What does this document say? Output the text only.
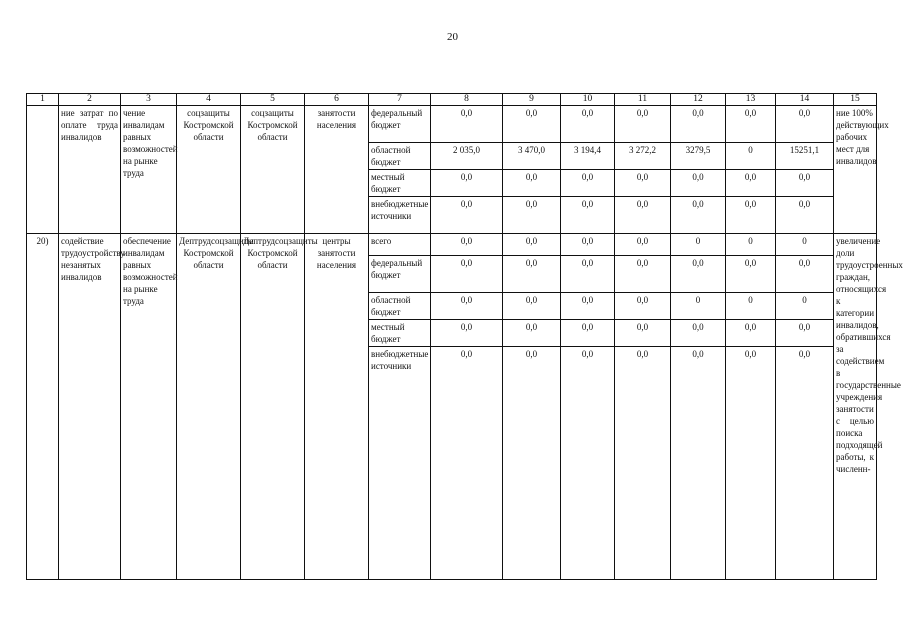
20
1	2	3	4	5	6	7	8	9	10	11	12	13	14	15
	ние затрат по оплате труда инвалидов	чение инвалидам равных возможностей на рынке труда	соцзащиты Костромской области	соцзащиты Костромской области	занятости населения	федеральный бюджет	0,0	0,0	0,0	0,0	0,0	0,0	0,0	ние 100% действующих рабочих мест для инвалидов
						областной бюджет	2 035,0	3 470,0	3 194,4	3 272,2	3279,5	0	15251,1	
						местный бюджет	0,0	0,0	0,0	0,0	0,0	0,0	0,0	
						внебюджетные источники	0,0	0,0	0,0	0,0	0,0	0,0	0,0	
20)	содействие трудоустройству незанятых инвалидов	обеспечение инвалидам равных возможностей на рынке труда	Дептрудсоцзащиты Костромской области	Дептрудсоцзащиты Костромской области	центры занятости населения	всего	0,0	0,0	0,0	0,0	0	0	0	увеличение доли трудоустроенных граждан, относящихся к категории инвалидов, обратившихся за содействием в государственные учреждения занятости с целью поиска подходящей работы, к численн-
						федеральный бюджет	0,0	0,0	0,0	0,0	0,0	0,0	0,0	
						областной бюджет	0,0	0,0	0,0	0,0	0	0	0	
						местный бюджет	0,0	0,0	0,0	0,0	0,0	0,0	0,0	
						внебюджетные источники	0,0	0,0	0,0	0,0	0,0	0,0	0,0	
